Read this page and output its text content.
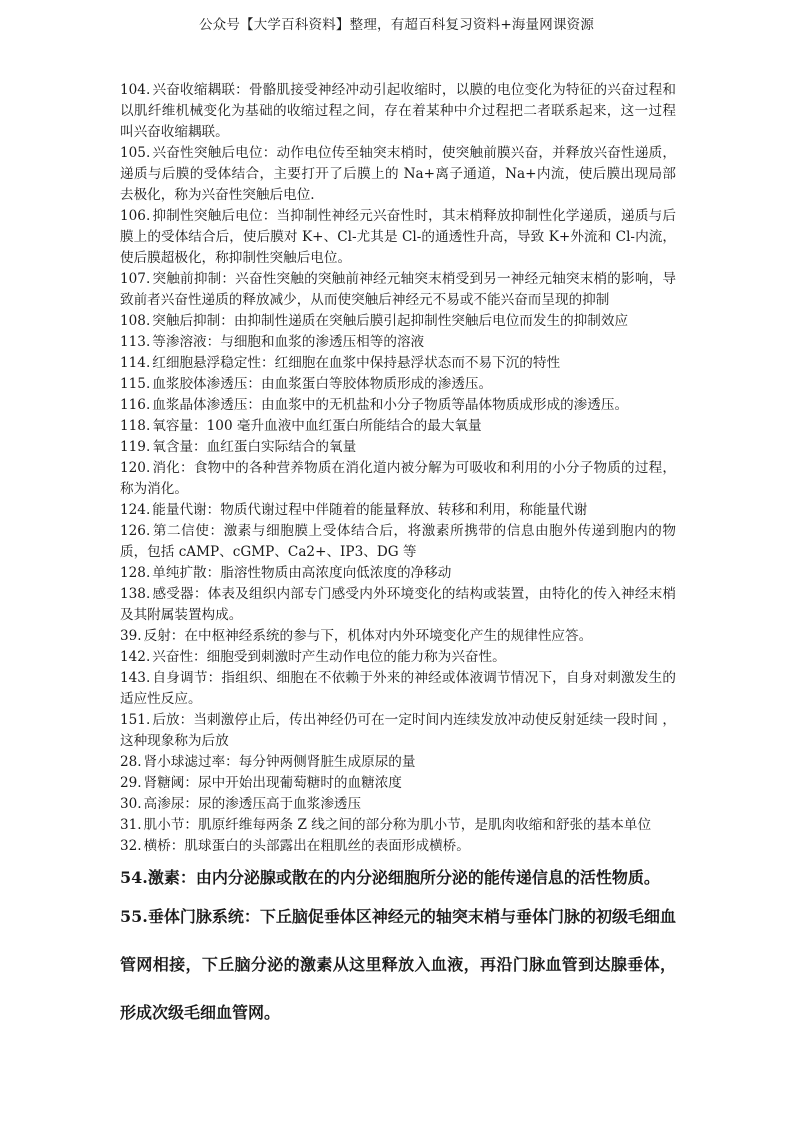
公众号【大学百科资料】整理，有超百科复习资料+海量网课资源

104. 兴奋收缩耦联：骨骼肌接受神经冲动引起收缩时，以膜的电位变化为特征的兴奋过程和以肌纤维机械变化为基础的收缩过程之间，存在着某种中介过程把二者联系起来，这一过程叫兴奋收缩耦联。

105. 兴奋性突触后电位：动作电位传至轴突末梢时，使突触前膜兴奋，并释放兴奋性递质，递质与后膜的受体结合，主要打开了后膜上的 Na+离子通道，Na+内流，使后膜出现局部去极化，称为兴奋性突触后电位.

106. 抑制性突触后电位：当抑制性神经元兴奋性时，其末梢释放抑制性化学递质，递质与后膜上的受体结合后，使后膜对 K+、Cl-尤其是 Cl-的通透性升高，导致 K+外流和 Cl-内流，使后膜超极化，称抑制性突触后电位。

107. 突触前抑制：兴奋性突触的突触前神经元轴突末梢受到另一神经元轴突末梢的影响，导致前者兴奋性递质的释放减少，从而使突触后神经元不易或不能兴奋而呈现的抑制

108. 突触后抑制：由抑制性递质在突触后膜引起抑制性突触后电位而发生的抑制效应

113. 等渗溶液：与细胞和血浆的渗透压相等的溶液

114. 红细胞悬浮稳定性：红细胞在血浆中保持悬浮状态而不易下沉的特性

115. 血浆胶体渗透压：由血浆蛋白等胶体物质形成的渗透压。

116. 血浆晶体渗透压：由血浆中的无机盐和小分子物质等晶体物质成形成的渗透压。

118. 氧容量：100 毫升血液中血红蛋白所能结合的最大氧量

119. 氧含量：血红蛋白实际结合的氧量

120. 消化：食物中的各种营养物质在消化道内被分解为可吸收和利用的小分子物质的过程，称为消化。

124. 能量代谢：物质代谢过程中伴随着的能量释放、转移和利用，称能量代谢

126. 第二信使：激素与细胞膜上受体结合后，将激素所携带的信息由胞外传递到胞内的物质，包括 cAMP、cGMP、Ca2+、IP3、DG 等

128. 单纯扩散：脂溶性物质由高浓度向低浓度的净移动

138. 感受器：体表及组织内部专门感受内外环境变化的结构或装置，由特化的传入神经末梢及其附属装置构成。

39. 反射：在中枢神经系统的参与下，机体对内外环境变化产生的规律性应答。

142. 兴奋性：细胞受到刺激时产生动作电位的能力称为兴奋性。

143. 自身调节：指组织、细胞在不依赖于外来的神经或体液调节情况下，自身对刺激发生的适应性反应。

151. 后放：当刺激停止后，传出神经仍可在一定时间内连续发放冲动使反射延续一段时间 ，这种现象称为后放

28. 肾小球滤过率：每分钟两侧肾脏生成原尿的量

29. 肾糖阈：尿中开始出现葡萄糖时的血糖浓度

30. 高渗尿：尿的渗透压高于血浆渗透压

31. 肌小节：肌原纤维每两条 Z 线之间的部分称为肌小节，是肌肉收缩和舒张的基本单位

32. 横桥：肌球蛋白的头部露出在粗肌丝的表面形成横桥。

54.激素：由内分泌腺或散在的内分泌细胞所分泌的能传递信息的活性物质。

55.垂体门脉系统：下丘脑促垂体区神经元的轴突末梢与垂体门脉的初级毛细血管网相接，下丘脑分泌的激素从这里释放入血液，再沿门脉血管到达腺垂体，形成次级毛细血管网。
